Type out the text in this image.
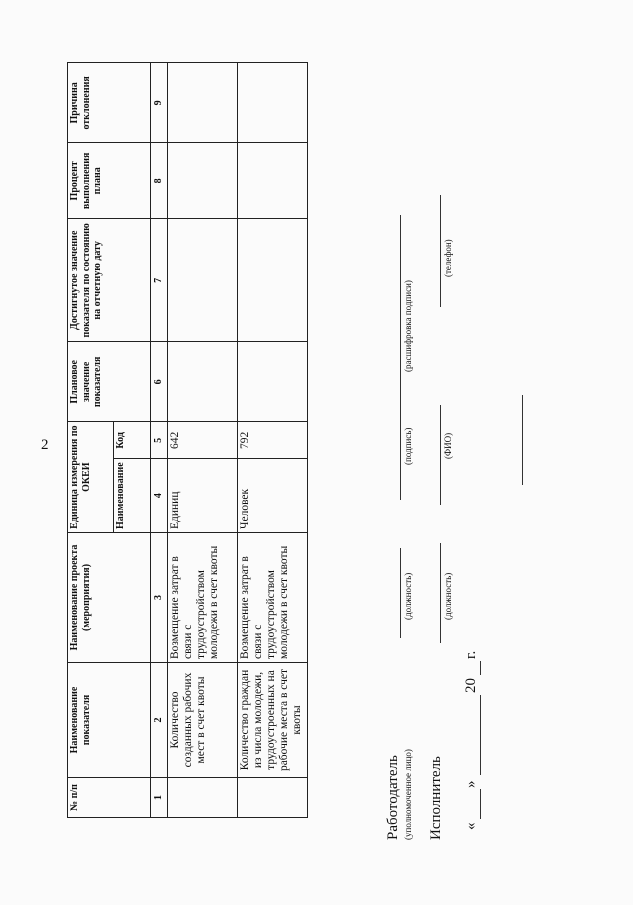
2
№ п/п	Наименование показателя	Наименование проекта (мероприятия)	Единица измерения по ОКЕИ		Плановое значение показателя	Достигнутое значение показателя по состоянию на отчетную дату	Процент выполнения плана	Причина отклонения
			Наименование	Код				
1	2	3	4	5	6	7	8	9
	Количество созданных рабочих мест в счет квоты	Возмещение затрат в связи с трудоустройством молодежи в счет квоты	Единиц	642				
	Количество граждан из числа молодежи, трудоустроенных на рабочие места в счет квоты	Возмещение затрат в связи с трудоустройством молодежи в счет квоты	Человек	792				
Работодатель (уполномоченное лицо)
(должность)
(подпись)
(расшифровка подписи)
Исполнитель
(должность)
(ФИО)
(телефон)
«
»
20
г.
